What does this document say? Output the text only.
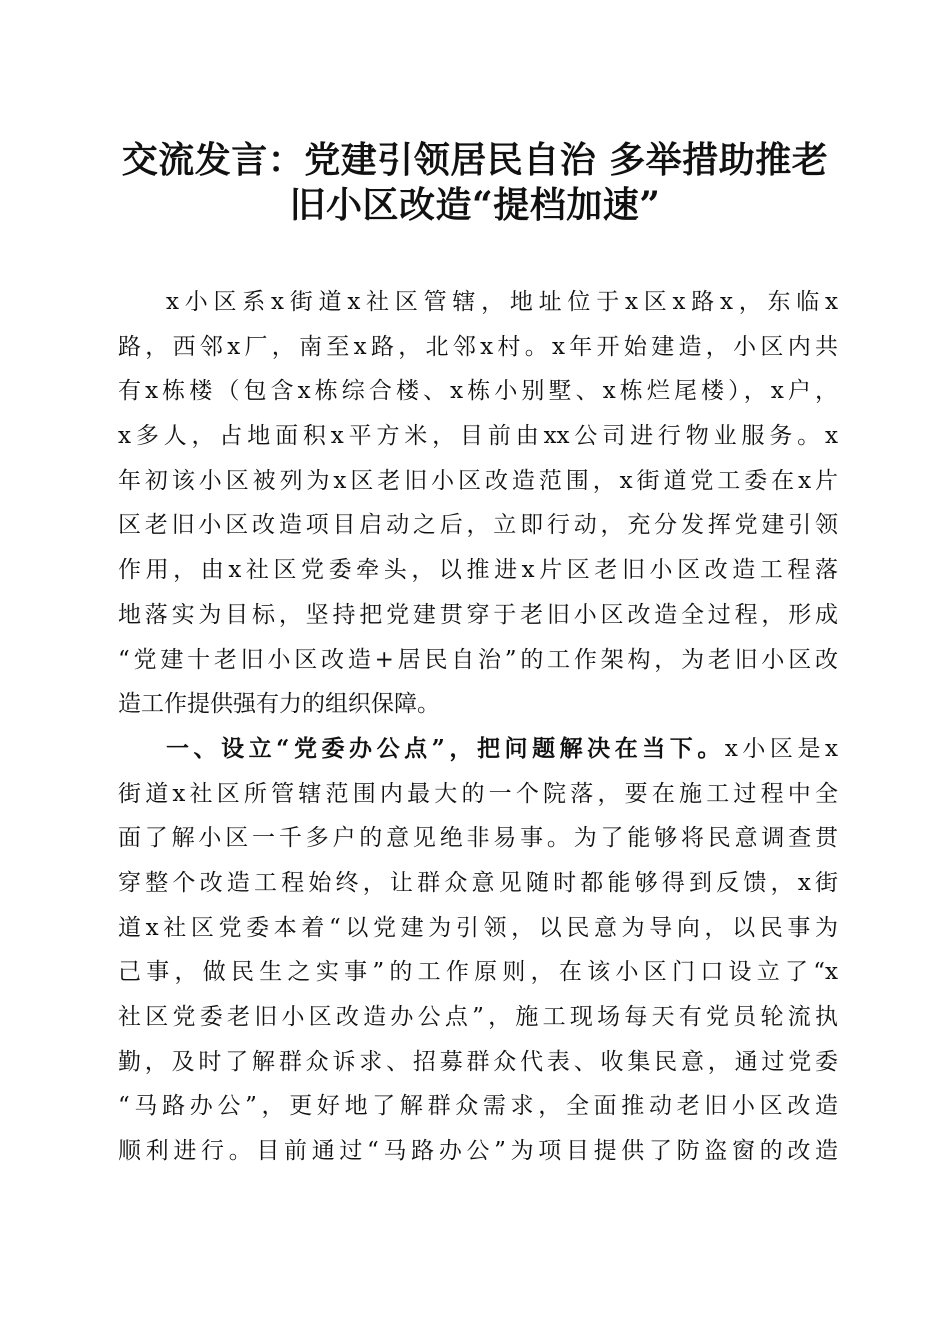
交流发言：党建引领居民自治 多举措助推老
旧小区改造“提档加速”
x小区系x街道x社区管辖，地址位于x区x路x，东临x
路，西邻x厂，南至x路，北邻x村。x年开始建造，小区内共
有x栋楼（包含x栋综合楼、x栋小别墅、x栋烂尾楼），x户，
x多人，占地面积x平方米，目前由xx公司进行物业服务。x
年初该小区被列为x区老旧小区改造范围，x街道党工委在x片
区老旧小区改造项目启动之后，立即行动，充分发挥党建引领
作用，由x社区党委牵头，以推进x片区老旧小区改造工程落
地落实为目标，坚持把党建贯穿于老旧小区改造全过程，形成
“党建十老旧小区改造+居民自治”的工作架构，为老旧小区改
造工作提供强有力的组织保障。
一、设立“党委办公点”，把问题解决在当下。x小区是x
街道x社区所管辖范围内最大的一个院落，要在施工过程中全
面了解小区一千多户的意见绝非易事。为了能够将民意调查贯
穿整个改造工程始终，让群众意见随时都能够得到反馈，x街
道x社区党委本着“以党建为引领，以民意为导向，以民事为
己事，做民生之实事”的工作原则，在该小区门口设立了“x
社区党委老旧小区改造办公点”，施工现场每天有党员轮流执
勤，及时了解群众诉求、招募群众代表、收集民意，通过党委
“马路办公”，更好地了解群众需求，全面推动老旧小区改造
顺利进行。目前通过“马路办公”为项目提供了防盗窗的改造
